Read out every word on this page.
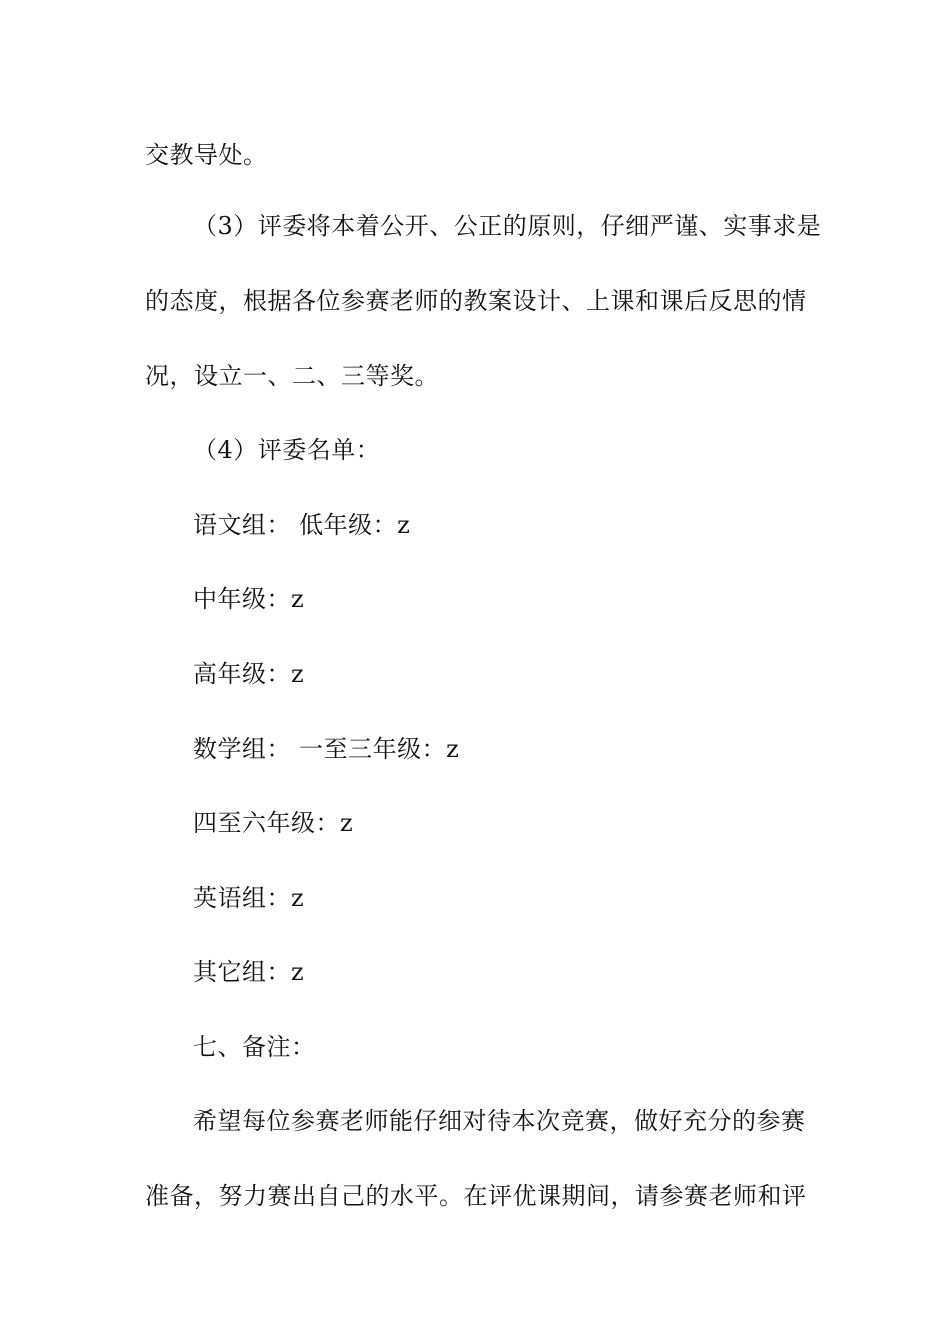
交教导处。
（3）评委将本着公开、公正的原则，仔细严谨、实事求是
的态度，根据各位参赛老师的教案设计、上课和课后反思的情
况，设立一、二、三等奖。
（4）评委名单：
语文组： 低年级：z
中年级：z
高年级：z
数学组： 一至三年级：z
四至六年级：z
英语组：z
其它组：z
七、备注：
希望每位参赛老师能仔细对待本次竞赛，做好充分的参赛
准备，努力赛出自己的水平。在评优课期间，请参赛老师和评
